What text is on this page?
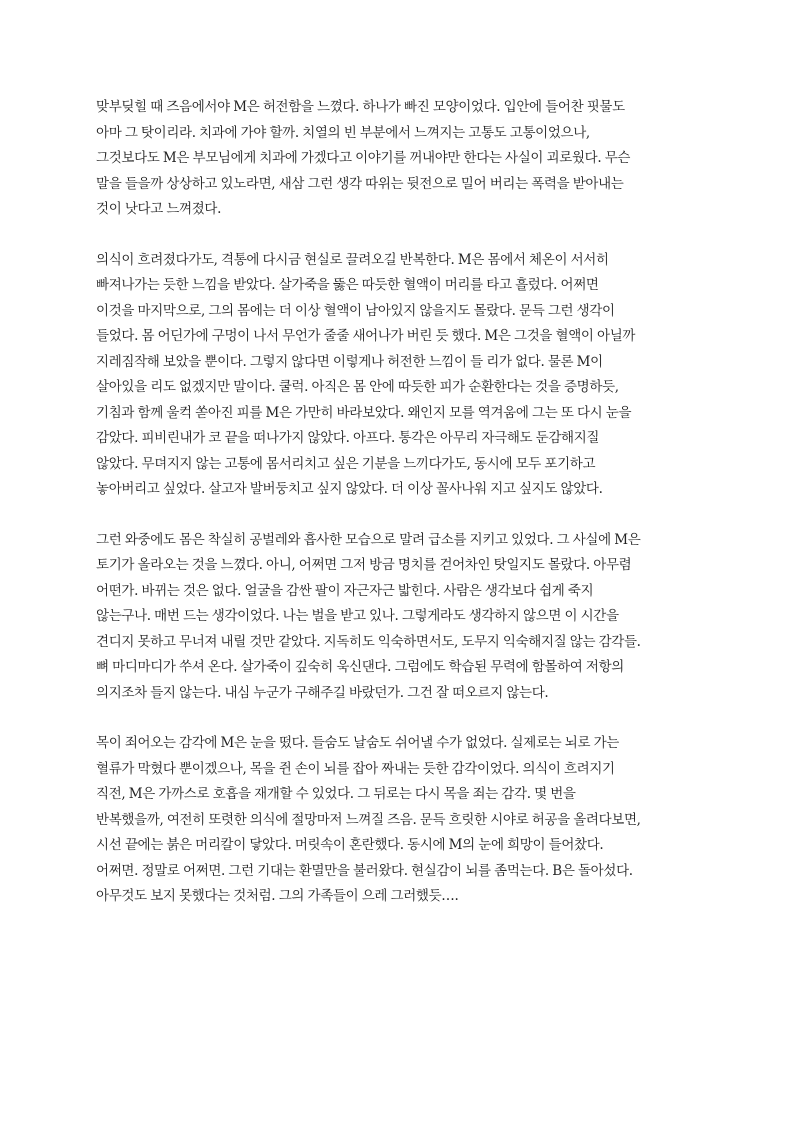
맞부딪힐 때 즈음에서야 M은 허전함을 느꼈다. 하나가 빠진 모양이었다. 입안에 들어찬 핏물도
아마 그 탓이리라. 치과에 가야 할까. 치열의 빈 부분에서 느껴지는 고통도 고통이었으나,
그것보다도 M은 부모님에게 치과에 가겠다고 이야기를 꺼내야만 한다는 사실이 괴로웠다. 무슨
말을 들을까 상상하고 있노라면, 새삼 그런 생각 따위는 뒷전으로 밀어 버리는 폭력을 받아내는
것이 낫다고 느껴졌다.
의식이 흐려졌다가도, 격통에 다시금 현실로 끌려오길 반복한다. M은 몸에서 체온이 서서히
빠져나가는 듯한 느낌을 받았다. 살가죽을 뚫은 따듯한 혈액이 머리를 타고 흘렀다. 어쩌면
이것을 마지막으로, 그의 몸에는 더 이상 혈액이 남아있지 않을지도 몰랐다. 문득 그런 생각이
들었다. 몸 어딘가에 구멍이 나서 무언가 줄줄 새어나가 버린 듯 했다. M은 그것을 혈액이 아닐까
지레짐작해 보았을 뿐이다. 그렇지 않다면 이렇게나 허전한 느낌이 들 리가 없다. 물론 M이
살아있을 리도 없겠지만 말이다. 쿨럭. 아직은 몸 안에 따듯한 피가 순환한다는 것을 증명하듯,
기침과 함께 울컥 쏟아진 피를 M은 가만히 바라보았다. 왜인지 모를 역겨움에 그는 또 다시 눈을
감았다. 피비린내가 코 끝을 떠나가지 않았다. 아프다. 통각은 아무리 자극해도 둔감해지질
않았다. 무뎌지지 않는 고통에 몸서리치고 싶은 기분을 느끼다가도, 동시에 모두 포기하고
놓아버리고 싶었다. 살고자 발버둥치고 싶지 않았다. 더 이상 꼴사나워 지고 싶지도 않았다.
그런 와중에도 몸은 착실히 공벌레와 흡사한 모습으로 말려 급소를 지키고 있었다. 그 사실에 M은
토기가 올라오는 것을 느꼈다. 아니, 어쩌면 그저 방금 명치를 걷어차인 탓일지도 몰랐다. 아무렴
어떤가. 바뀌는 것은 없다. 얼굴을 감싼 팔이 자근자근 밟힌다. 사람은 생각보다 쉽게 죽지
않는구나. 매번 드는 생각이었다. 나는 벌을 받고 있나. 그렇게라도 생각하지 않으면 이 시간을
견디지 못하고 무너져 내릴 것만 같았다. 지독히도 익숙하면서도, 도무지 익숙해지질 않는 감각들.
뼈 마디마디가 쑤셔 온다. 살가죽이 깊숙히 욱신댄다. 그럼에도 학습된 무력에 함몰하여 저항의
의지조차 들지 않는다. 내심 누군가 구해주길 바랐던가. 그건 잘 떠오르지 않는다.
목이 죄어오는 감각에 M은 눈을 떴다. 들숨도 날숨도 쉬어낼 수가 없었다. 실제로는 뇌로 가는
혈류가 막혔다 뿐이겠으나, 목을 쥔 손이 뇌를 잡아 짜내는 듯한 감각이었다. 의식이 흐려지기
직전, M은 가까스로 호흡을 재개할 수 있었다. 그 뒤로는 다시 목을 죄는 감각. 몇 번을
반복했을까, 여전히 또렷한 의식에 절망마저 느껴질 즈음. 문득 흐릿한 시야로 허공을 올려다보면,
시선 끝에는 붉은 머리칼이 닿았다. 머릿속이 혼란했다. 동시에 M의 눈에 희망이 들어찼다.
어쩌면. 정말로 어쩌면. 그런 기대는 환멸만을 불러왔다. 현실감이 뇌를 좀먹는다. B은 돌아섰다.
아무것도 보지 못했다는 것처럼. 그의 가족들이 으레 그러했듯….
